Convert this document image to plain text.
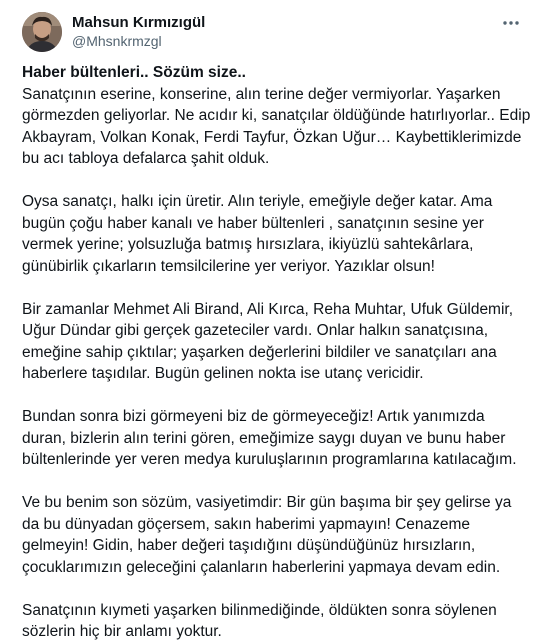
Mahsun Kırmızıgül
@Mhsnkrmzgl
Haber bültenleri.. Sözüm size..

Sanatçının eserine, konserine, alın terine değer vermiyorlar. Yaşarken
görmezden geliyorlar. Ne acıdır ki, sanatçılar öldüğünde hatırlıyorlar.. Edip
Akbayram, Volkan Konak, Ferdi Tayfur, Özkan Uğur… Kaybettiklerimizde
bu acı tabloya defalarca şahit olduk.

Oysa sanatçı, halkı için üretir. Alın teriyle, emeğiyle değer katar. Ama
bugün çoğu haber kanalı ve haber bültenleri , sanatçının sesine yer
vermek yerine; yolsuzluğa batmış hırsızlara, ikiyüzlü sahtekârlara,
günübirlik çıkarların temsilcilerine yer veriyor. Yazıklar olsun!

Bir zamanlar Mehmet Ali Birand, Ali Kırca, Reha Muhtar, Ufuk Güldemir,
Uğur Dündar gibi gerçek gazeteciler vardı. Onlar halkın sanatçısına,
emeğine sahip çıktılar; yaşarken değerlerini bildiler ve sanatçıları ana
haberlere taşıdılar. Bugün gelinen nokta ise utanç vericidir.

Bundan sonra bizi görmeyeni biz de görmeyeceğiz! Artık yanımızda
duran, bizlerin alın terini gören, emeğimize saygı duyan ve bunu haber
bültenlerinde yer veren medya kuruluşlarının programlarına katılacağım.

Ve bu benim son sözüm, vasiyetimdir: Bir gün başıma bir şey gelirse ya
da bu dünyadan göçersem, sakın haberimi yapmayın! Cenazeme
gelmeyin! Gidin, haber değeri taşıdığını düşündüğünüz hırsızların,
çocuklarımızın geleceğini çalanların haberlerini yapmaya devam edin.

Sanatçının kıymeti yaşarken bilinmediğinde, öldükten sonra söylenen
sözlerin hiç bir anlamı yoktur.
